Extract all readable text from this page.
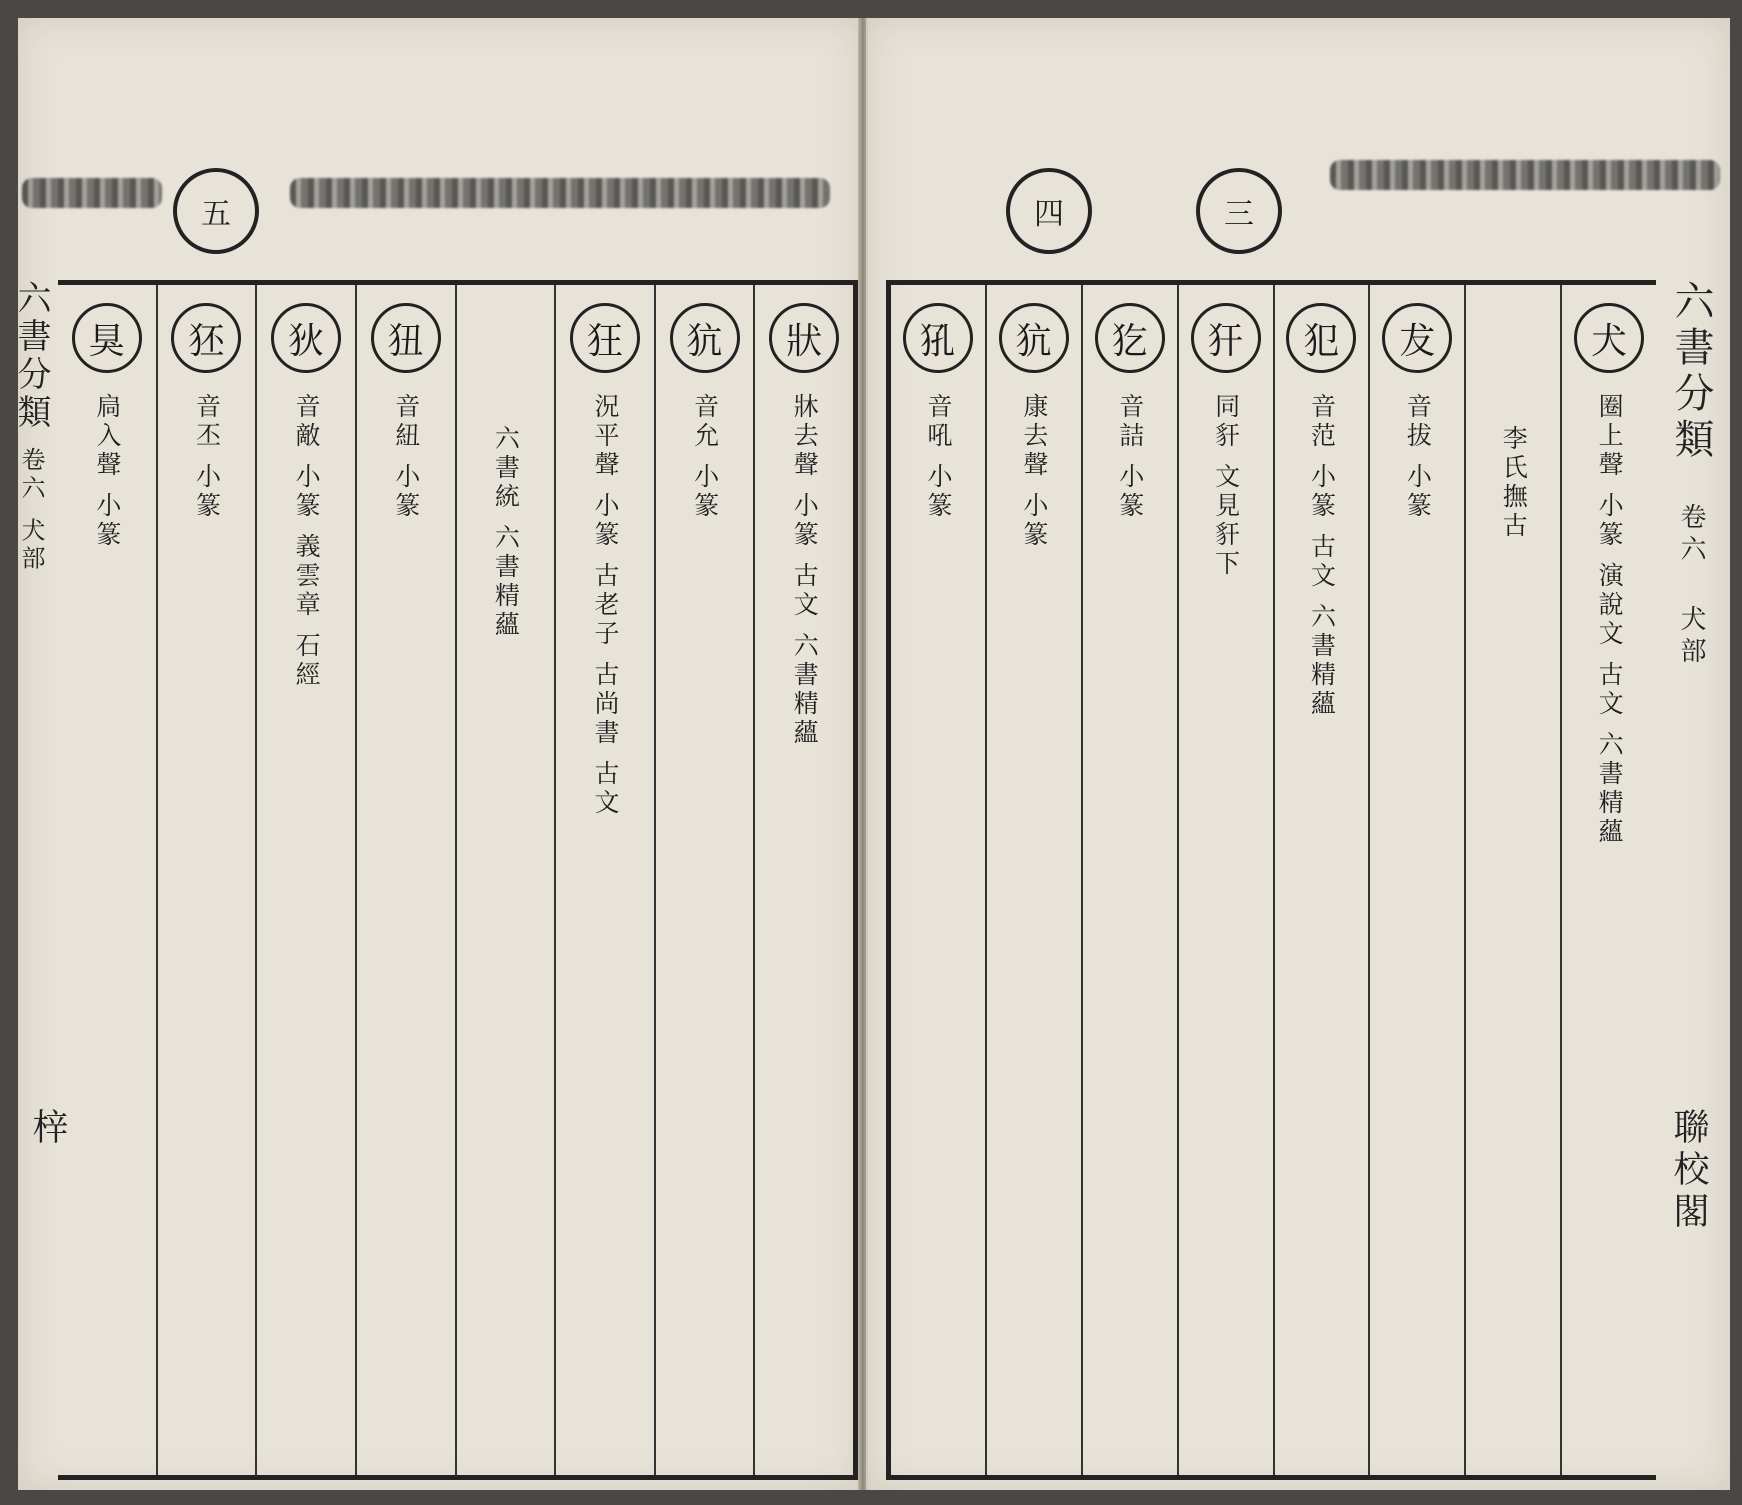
五
六書分類 卷六 犬部
梓
狀
牀去聲 小篆 古文 六書精蘊
犺
音允 小篆
狂
況平聲 小篆 古老子 古尚書 古文
六書統 六書精蘊
狃
音紐 小篆
狄
音敵 小篆 義雲章 石經
狉
音丕 小篆
狊
扃入聲 小篆
四	三
六書分類 卷六 犬部
聯校閣
犬
圈上聲 小篆 演說文 古文 六書精蘊
李氏撫古
犮
音拔 小篆
犯
音范 小篆 古文 六書精蘊
犴
同豻 文見豻下
犵
音詰 小篆
犺
康去聲 小篆
犼
音吼 小篆
